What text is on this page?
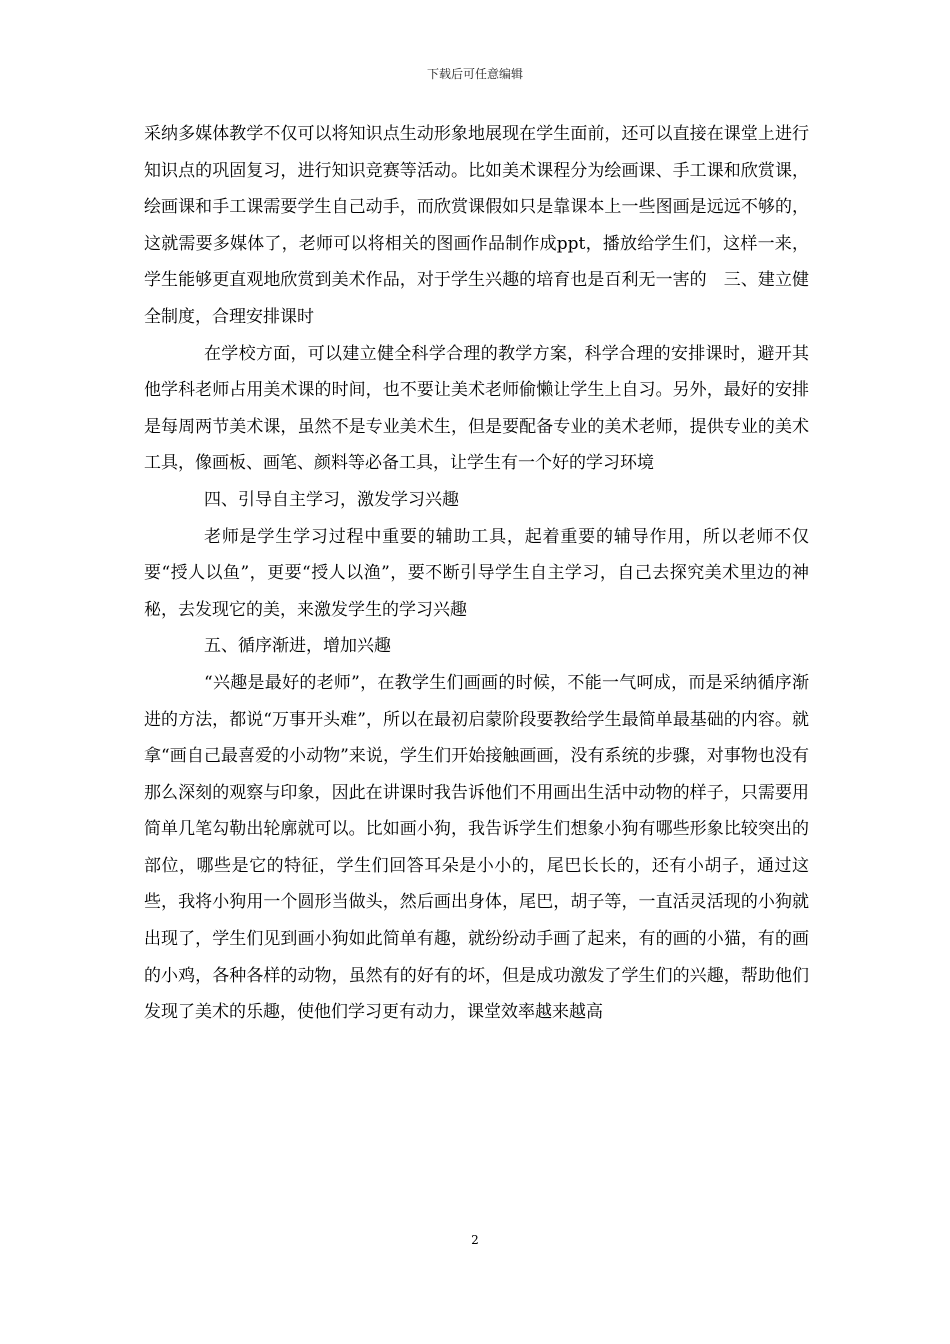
下载后可任意编辑

采纳多媒体教学不仅可以将知识点生动形象地展现在学生面前，还可以直接在课堂上进行知识点的巩固复习，进行知识竞赛等活动。比如美术课程分为绘画课、手工课和欣赏课，绘画课和手工课需要学生自己动手，而欣赏课假如只是靠课本上一些图画是远远不够的，这就需要多媒体了，老师可以将相关的图画作品制作成ppt，播放给学生们，这样一来，学生能够更直观地欣赏到美术作品，对于学生兴趣的培育也是百利无一害的　三、建立健全制度，合理安排课时

在学校方面，可以建立健全科学合理的教学方案，科学合理的安排课时，避开其他学科老师占用美术课的时间，也不要让美术老师偷懒让学生上自习。另外，最好的安排是每周两节美术课，虽然不是专业美术生，但是要配备专业的美术老师，提供专业的美术工具，像画板、画笔、颜料等必备工具，让学生有一个好的学习环境

四、引导自主学习，激发学习兴趣

老师是学生学习过程中重要的辅助工具，起着重要的辅导作用，所以老师不仅要“授人以鱼”，更要“授人以渔”，要不断引导学生自主学习，自己去探究美术里边的神秘，去发现它的美，来激发学生的学习兴趣

五、循序渐进，增加兴趣

“兴趣是最好的老师”，在教学生们画画的时候，不能一气呵成，而是采纳循序渐进的方法，都说“万事开头难”，所以在最初启蒙阶段要教给学生最简单最基础的内容。就拿“画自己最喜爱的小动物”来说，学生们开始接触画画，没有系统的步骤，对事物也没有那么深刻的观察与印象，因此在讲课时我告诉他们不用画出生活中动物的样子，只需要用简单几笔勾勒出轮廓就可以。比如画小狗，我告诉学生们想象小狗有哪些形象比较突出的部位，哪些是它的特征，学生们回答耳朵是小小的，尾巴长长的，还有小胡子，通过这些，我将小狗用一个圆形当做头，然后画出身体，尾巴，胡子等，一直活灵活现的小狗就出现了，学生们见到画小狗如此简单有趣，就纷纷动手画了起来，有的画的小猫，有的画的小鸡，各种各样的动物，虽然有的好有的坏，但是成功激发了学生们的兴趣，帮助他们发现了美术的乐趣，使他们学习更有动力，课堂效率越来越高

2
